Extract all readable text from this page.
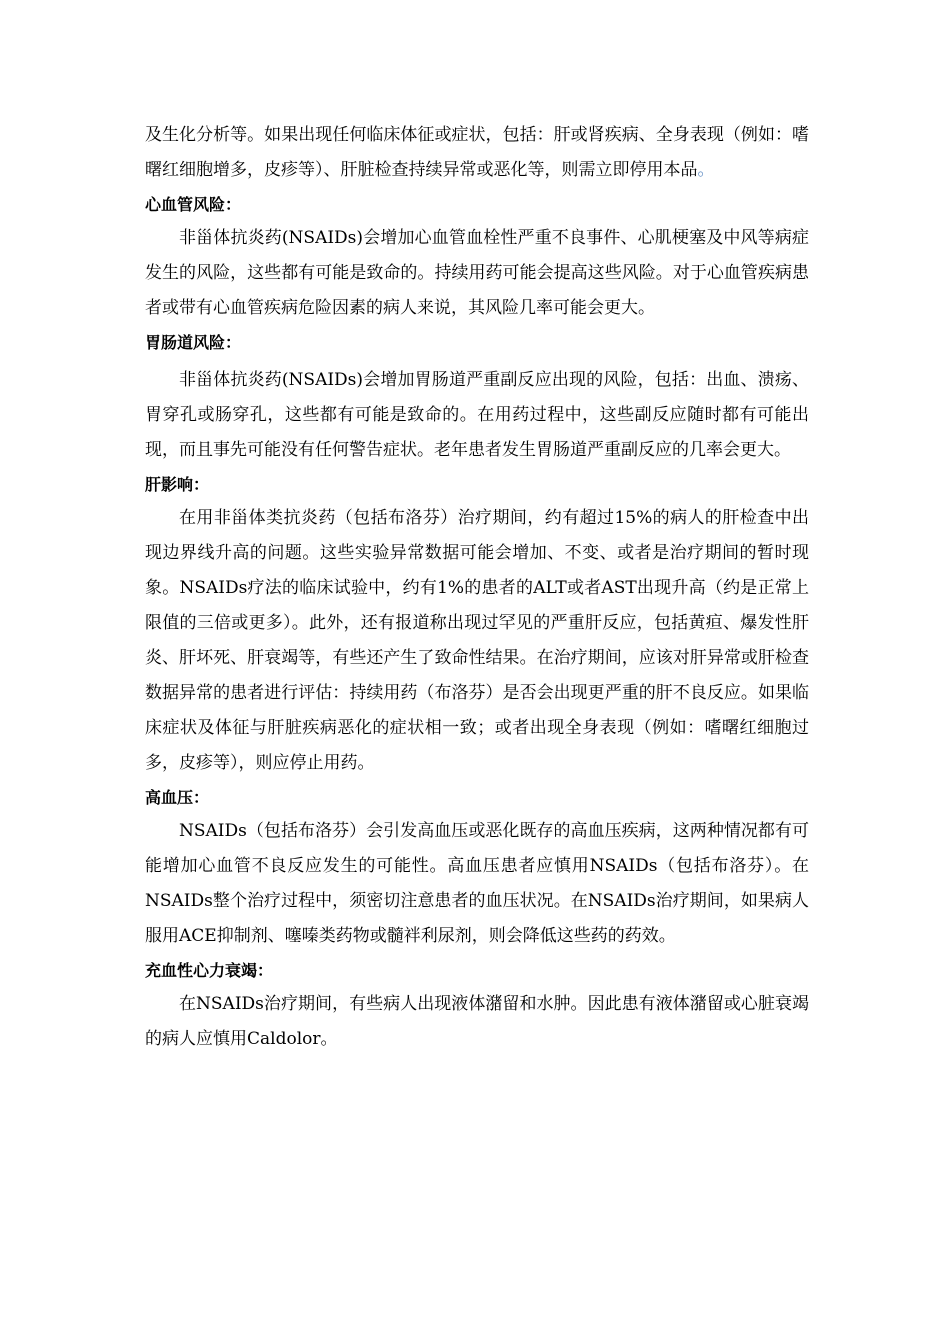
及生化分析等。如果出现任何临床体征或症状，包括：肝或肾疾病、全身表现（例如：嗜曙红细胞增多，皮疹等）、肝脏检查持续异常或恶化等，则需立即停用本品。

心血管风险：

非甾体抗炎药(NSAIDs)会增加心血管血栓性严重不良事件、心肌梗塞及中风等病症发生的风险，这些都有可能是致命的。持续用药可能会提高这些风险。对于心血管疾病患者或带有心血管疾病危险因素的病人来说，其风险几率可能会更大。

胃肠道风险：

非甾体抗炎药(NSAIDs)会增加胃肠道严重副反应出现的风险，包括：出血、溃疡、胃穿孔或肠穿孔，这些都有可能是致命的。在用药过程中，这些副反应随时都有可能出现，而且事先可能没有任何警告症状。老年患者发生胃肠道严重副反应的几率会更大。

肝影响：

在用非甾体类抗炎药（包括布洛芬）治疗期间，约有超过15%的病人的肝检查中出现边界线升高的问题。这些实验异常数据可能会增加、不变、或者是治疗期间的暂时现象。NSAIDs疗法的临床试验中，约有1%的患者的ALT或者AST出现升高（约是正常上限值的三倍或更多）。此外，还有报道称出现过罕见的严重肝反应，包括黄疸、爆发性肝炎、肝坏死、肝衰竭等，有些还产生了致命性结果。在治疗期间，应该对肝异常或肝检查数据异常的患者进行评估：持续用药（布洛芬）是否会出现更严重的肝不良反应。如果临床症状及体征与肝脏疾病恶化的症状相一致；或者出现全身表现（例如：嗜曙红细胞过多，皮疹等），则应停止用药。

高血压：

NSAIDs（包括布洛芬）会引发高血压或恶化既存的高血压疾病，这两种情况都有可能增加心血管不良反应发生的可能性。高血压患者应慎用NSAIDs（包括布洛芬）。在NSAIDs整个治疗过程中，须密切注意患者的血压状况。在NSAIDs治疗期间，如果病人服用ACE抑制剂、噻嗪类药物或髓袢利尿剂，则会降低这些药的药效。

充血性心力衰竭：

在NSAIDs治疗期间，有些病人出现液体潴留和水肿。因此患有液体潴留或心脏衰竭的病人应慎用Caldolor。
